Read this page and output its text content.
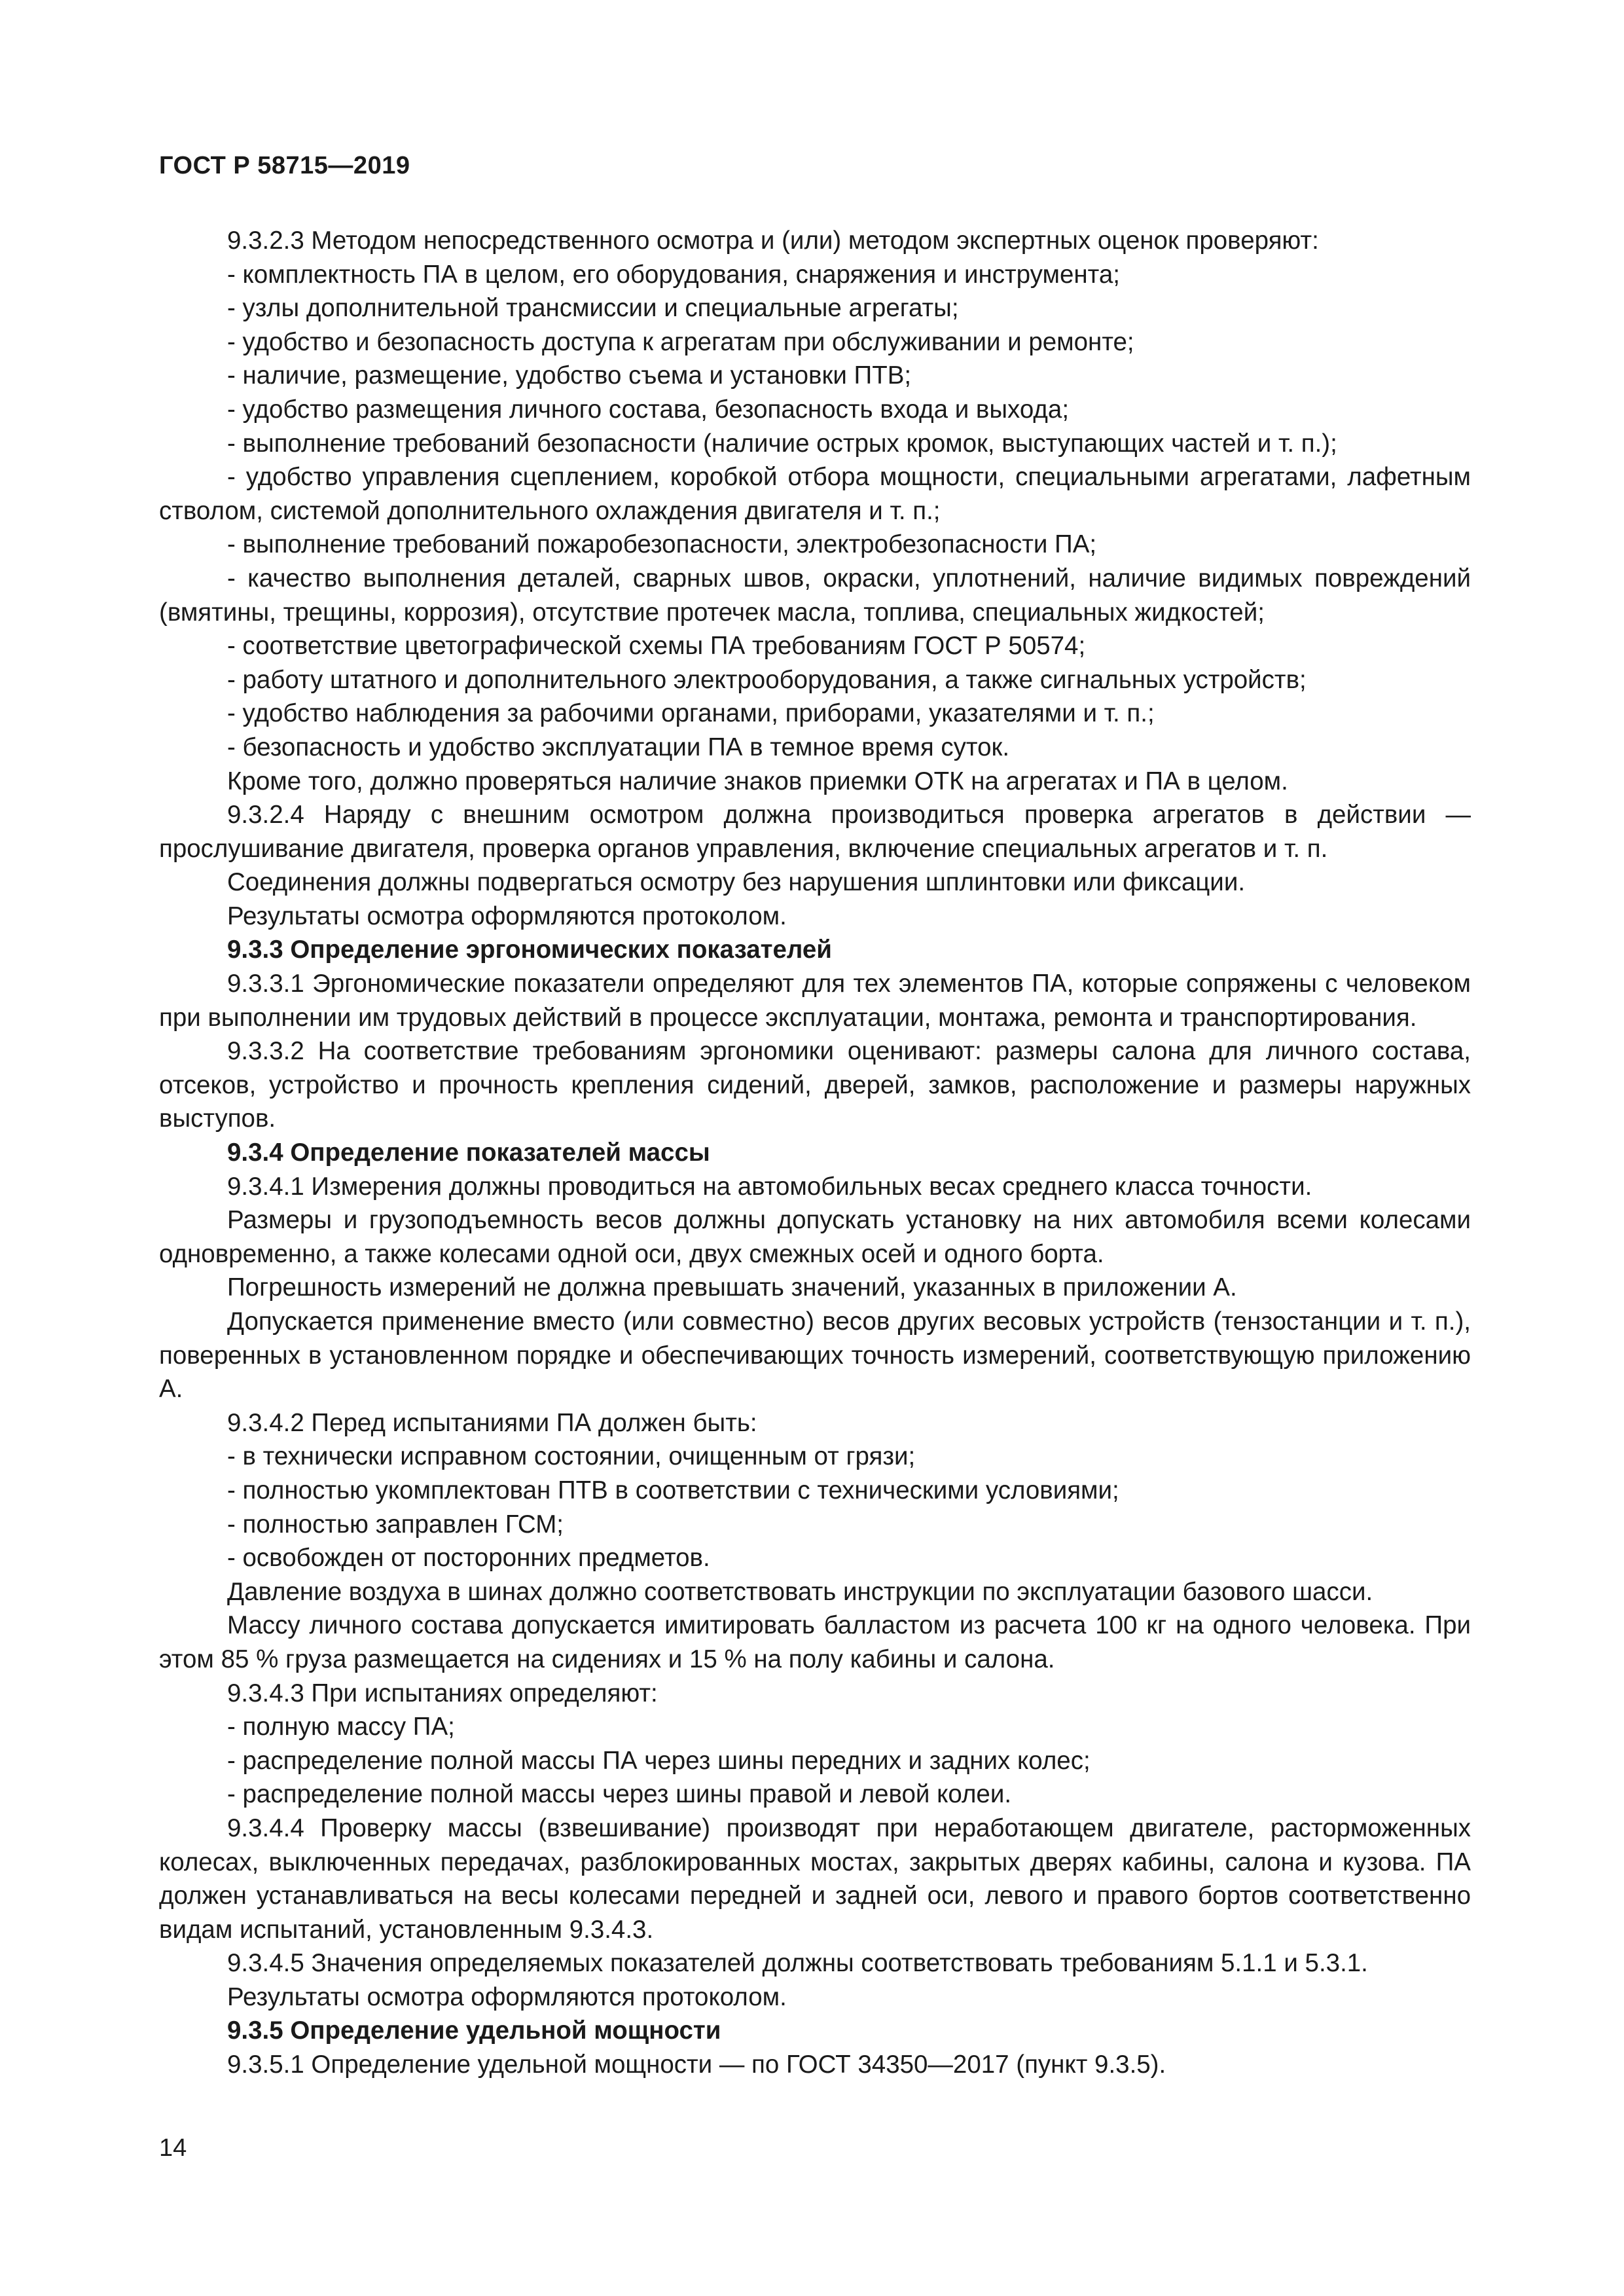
ГОСТ Р 58715—2019

9.3.2.3 Методом непосредственного осмотра и (или) методом экспертных оценок проверяют:

- комплектность ПА в целом, его оборудования, снаряжения и инструмента;

- узлы дополнительной трансмиссии и специальные агрегаты;

- удобство и безопасность доступа к агрегатам при обслуживании и ремонте;

- наличие, размещение, удобство съема и установки ПТВ;

- удобство размещения личного состава, безопасность входа и выхода;

- выполнение требований безопасности (наличие острых кромок, выступающих частей и т. п.);

- удобство управления сцеплением, коробкой отбора мощности, специальными агрегатами, лафетным стволом, системой дополнительного охлаждения двигателя и т. п.;

- выполнение требований пожаробезопасности, электробезопасности ПА;

- качество выполнения деталей, сварных швов, окраски, уплотнений, наличие видимых повреждений (вмятины, трещины, коррозия), отсутствие протечек масла, топлива, специальных жидкостей;

- соответствие цветографической схемы ПА требованиям ГОСТ Р 50574;

- работу штатного и дополнительного электрооборудования, а также сигнальных устройств;

- удобство наблюдения за рабочими органами, приборами, указателями и т. п.;

- безопасность и удобство эксплуатации ПА в темное время суток.

Кроме того, должно проверяться наличие знаков приемки ОТК на агрегатах и ПА в целом.

9.3.2.4 Наряду с внешним осмотром должна производиться проверка агрегатов в действии — прослушивание двигателя, проверка органов управления, включение специальных агрегатов и т. п.

Соединения должны подвергаться осмотру без нарушения шплинтовки или фиксации.

Результаты осмотра оформляются протоколом.

9.3.3 Определение эргономических показателей

9.3.3.1 Эргономические показатели определяют для тех элементов ПА, которые сопряжены с человеком при выполнении им трудовых действий в процессе эксплуатации, монтажа, ремонта и транспортирования.

9.3.3.2 На соответствие требованиям эргономики оценивают: размеры салона для личного состава, отсеков, устройство и прочность крепления сидений, дверей, замков, расположение и размеры наружных выступов.

9.3.4 Определение показателей массы

9.3.4.1 Измерения должны проводиться на автомобильных весах среднего класса точности.

Размеры и грузоподъемность весов должны допускать установку на них автомобиля всеми колесами одновременно, а также колесами одной оси, двух смежных осей и одного борта.

Погрешность измерений не должна превышать значений, указанных в приложении А.

Допускается применение вместо (или совместно) весов других весовых устройств (тензостанции и т. п.), поверенных в установленном порядке и обеспечивающих точность измерений, соответствующую приложению А.

9.3.4.2 Перед испытаниями ПА должен быть:

- в технически исправном состоянии, очищенным от грязи;

- полностью укомплектован ПТВ в соответствии с техническими условиями;

- полностью заправлен ГСМ;

- освобожден от посторонних предметов.

Давление воздуха в шинах должно соответствовать инструкции по эксплуатации базового шасси.

Массу личного состава допускается имитировать балластом из расчета 100 кг на одного человека. При этом 85 % груза размещается на сидениях и 15 % на полу кабины и салона.

9.3.4.3 При испытаниях определяют:

- полную массу ПА;

- распределение полной массы ПА через шины передних и задних колес;

- распределение полной массы через шины правой и левой колеи.

9.3.4.4 Проверку массы (взвешивание) производят при неработающем двигателе, расторможенных колесах, выключенных передачах, разблокированных мостах, закрытых дверях кабины, салона и кузова. ПА должен устанавливаться на весы колесами передней и задней оси, левого и правого бортов соответственно видам испытаний, установленным 9.3.4.3.

9.3.4.5 Значения определяемых показателей должны соответствовать требованиям 5.1.1 и 5.3.1.

Результаты осмотра оформляются протоколом.

9.3.5 Определение удельной мощности

9.3.5.1 Определение удельной мощности — по ГОСТ 34350—2017 (пункт 9.3.5).

14
